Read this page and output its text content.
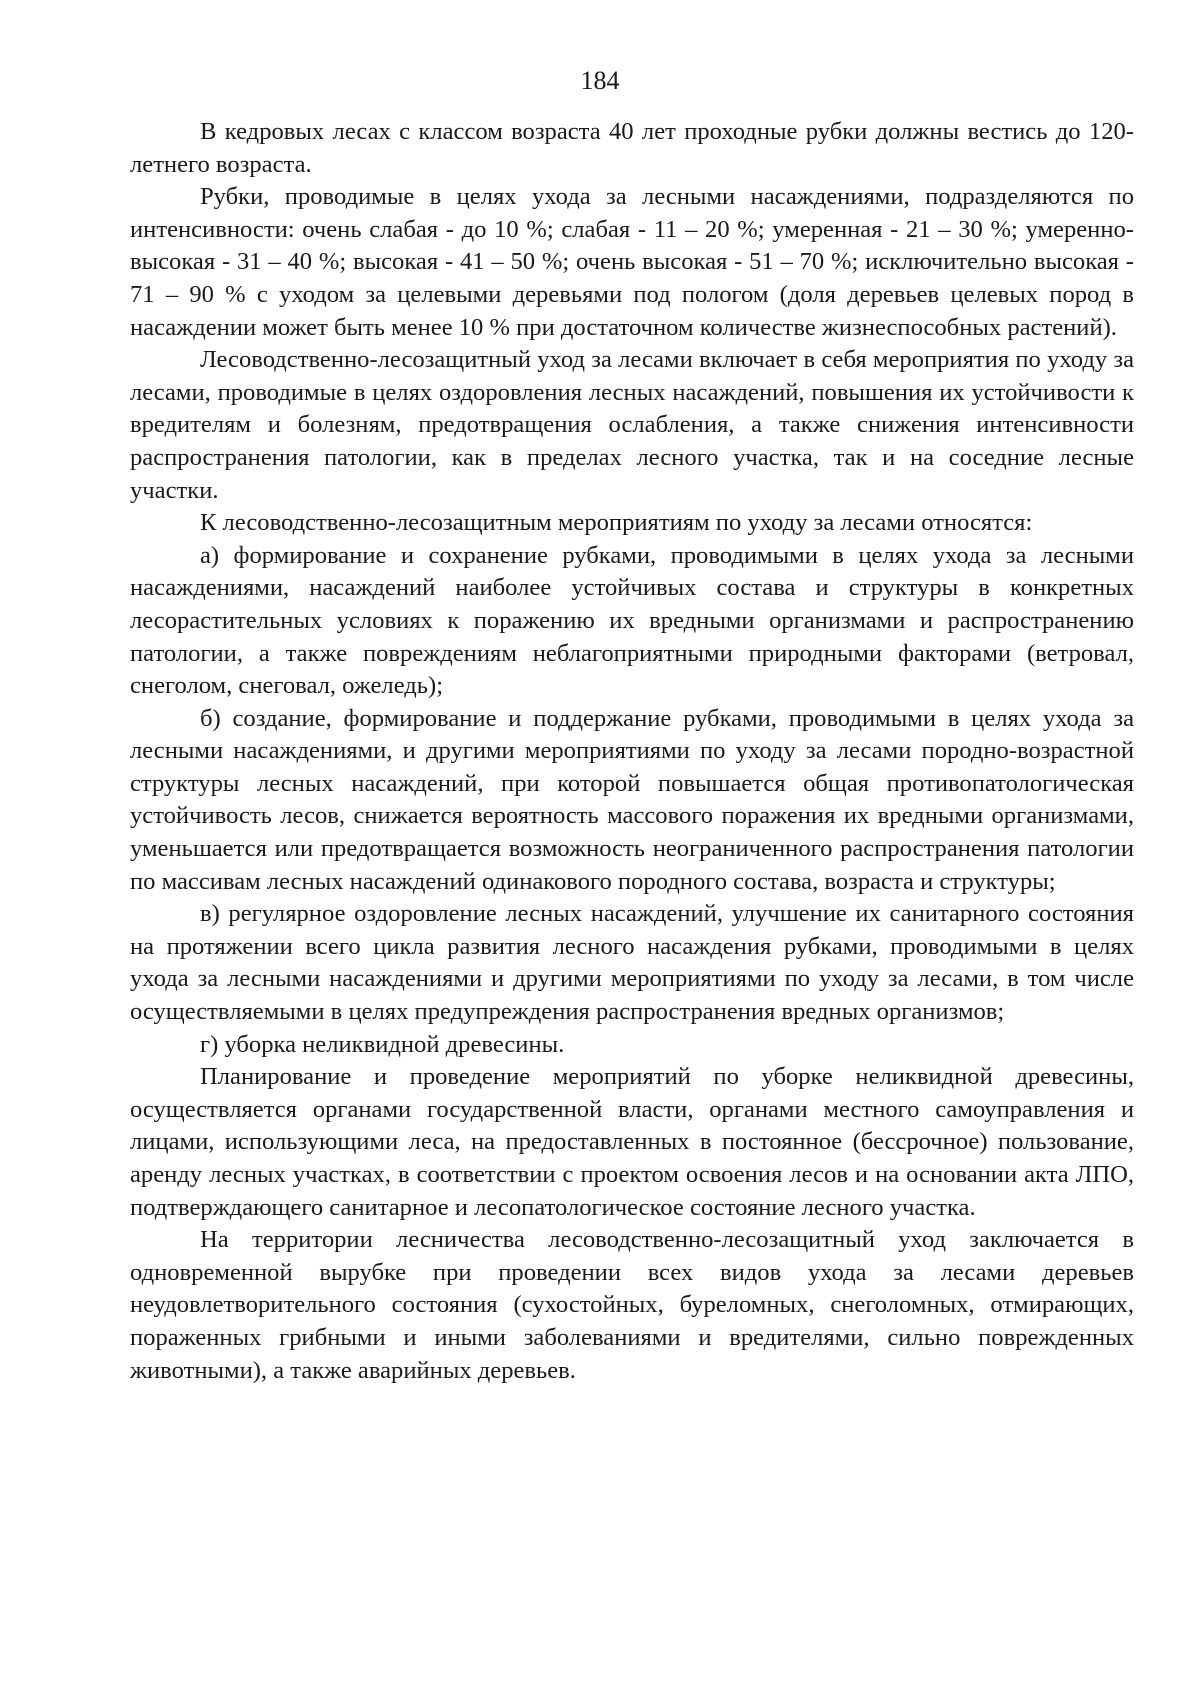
184

В кедровых лесах с классом возраста 40 лет проходные рубки должны вестись до 120-летнего возраста.

Рубки, проводимые в целях ухода за лесными насаждениями, подразделяются по интенсивности: очень слабая - до 10 %; слабая - 11 – 20 %; умеренная - 21 – 30 %; умеренно-высокая - 31 – 40 %; высокая - 41 – 50 %; очень высокая - 51 – 70 %; исключительно высокая - 71 – 90 % с уходом за целевыми деревьями под пологом (доля деревьев целевых пород в насаждении может быть менее 10 % при достаточном количестве жизнеспособных растений).

Лесоводственно-лесозащитный уход за лесами включает в себя мероприятия по уходу за лесами, проводимые в целях оздоровления лесных насаждений, повышения их устойчивости к вредителям и болезням, предотвращения ослабления, а также снижения интенсивности распространения патологии, как в пределах лесного участка, так и на соседние лесные участки.

К лесоводственно-лесозащитным мероприятиям по уходу за лесами относятся:

а) формирование и сохранение рубками, проводимыми в целях ухода за лесными насаждениями, насаждений наиболее устойчивых состава и структуры в конкретных лесорастительных условиях к поражению их вредными организмами и распространению патологии, а также повреждениям неблагоприятными природными факторами (ветровал, снеголом, снеговал, ожеледь);

б) создание, формирование и поддержание рубками, проводимыми в целях ухода за лесными насаждениями, и другими мероприятиями по уходу за лесами породно-возрастной структуры лесных насаждений, при которой повышается общая противопатологическая устойчивость лесов, снижается вероятность массового поражения их вредными организмами, уменьшается или предотвращается возможность неограниченного распространения патологии по массивам лесных насаждений одинакового породного состава, возраста и структуры;

в) регулярное оздоровление лесных насаждений, улучшение их санитарного состояния на протяжении всего цикла развития лесного насаждения рубками, проводимыми в целях ухода за лесными насаждениями и другими мероприятиями по уходу за лесами, в том числе осуществляемыми в целях предупреждения распространения вредных организмов;

г) уборка неликвидной древесины.

Планирование и проведение мероприятий по уборке неликвидной древесины, осуществляется органами государственной власти, органами местного самоуправления и лицами, использующими леса, на предоставленных в постоянное (бессрочное) пользование, аренду лесных участках, в соответствии с проектом освоения лесов и на основании акта ЛПО, подтверждающего санитарное и лесопатологическое состояние лесного участка.

На территории лесничества лесоводственно-лесозащитный уход заключается в одновременной вырубке при проведении всех видов ухода за лесами деревьев неудовлетворительного состояния (сухостойных, буреломных, снеголомных, отмирающих, пораженных грибными и иными заболеваниями и вредителями, сильно поврежденных животными), а также аварийных деревьев.
